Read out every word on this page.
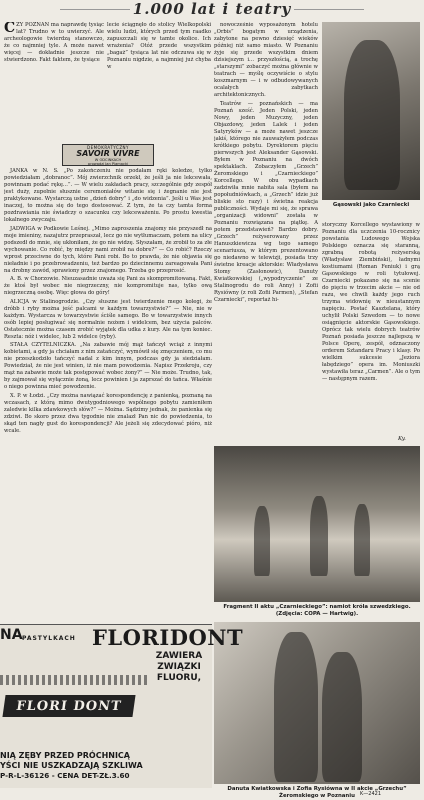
1.000 lat i teatry
C ZY POZNAŃ ma naprawdę tysiąc lat? Trudno w to uwierzyć. Ale archeologowie twierdzą stanowczo, że co najmniej tyle. A może nawet więcej — dokładnie jeszcze nie stwierdzono. Fakt faktem, że tysiące
lecie ściągnęło do stolicy Wielkopolski wielu ludzi, których przed tym raadko zapuszczali się w tamte okolice. Ich wrażenia? Otóż przede wszystkim „bagaż” tysiąca lat nie odczuwa się w Poznaniu nigdzie, a najmniej już chyba w
DEMOKRATYCZNY
SAVOIR VIVRE
W ODCINKACH
prowadzi Jan Plamacki

JANKA w N. S. „Po zakończeniu nie podałam ręki koledze, tylko powiedziałam „dobranoc”. Mój zwierzchnik orzekł, że jeśli ja nie lekcewała, powinnam podać rękę...”. — W wielu zakładach pracy, szczególnie gdy zespół jest duży, zupełnie słusznie ceremoniałów witanie się i żegnanie nie jest praktykowane. Wystarczą ustne „dzień dobry” i „do widzenia”. Jeśli u Was jest inaczej, to można się do tego dostosować. Z tym, że ta czy tamta forma pozdrawiania nie świadczy o szacunku czy lekceważeniu. Po prostu kwestia lokalnego zwyczaju.

JADWIGA w Podkowie Leśnej. „Mimo zaproszenia znajomy nie przyszedł na moje imieniny, nazajutrz przepraszał, lecz go nie wytłumaczam, potem na ulicy podszedł do mnie, się ukłoniłam, że go nie widzę. Słyszałam, że zrobił to za złe wychowanie. Co robić, by między nami zrobił na dobre?” — Co robić? Rzeczy wprost przeciwne do tych, które Pani robi. Bo to prawda, że nie objawia się nieładnie i po przebrowadzeniu, też bardzo po dziecinnemu zareagowała Pani na drobny zawód, sprawiony przez znajomego. Trzeba go przeprosić.

A. B. w Chorzowie. Nieuzasadnie uważa się Pani za skompromitowaną. Fakt, że ktoś był wobec nie niegrzeczny, nie kompromituje nas, tylko ową niegrzeczną osobę. Więc głowa do góry!

ALICJA w Stalinogrodzie. „Czy słuszne jest twierdzenie mego kolegi, że dróbb i ryby można jeść palcami w każdym towarzystwie?” — Nie, nie w każdym. Wystarcza w towarzystwie ściśle samego. Bo w towarzystwie innych osób lepiej posługiwać się normalnie nożem i widelcem, bez użycia palców. Ostatecznie można czasem zrobić wyjątek dla udka z kury. Ale na tym koniec. Reszta: nóż i widelec, lub 2 widelce (ryby).

STAŁA CZYTELNICZKA. „Na zabawie mój mąż tańczył wciąż z innymi kobietami, a gdy ja chciałam z nim zatańczyć, wymówił się zmęczeniem, co mu nie przeszkodziło tańczyć nadal z kim innym, podczas gdy ja siedziałam. Powiedział, że nie jest winien, iż nie mam powodzenia. Napisz Przekroju, czy mąż na zabawie może tak postępować wobec żony?” — Nie może. Trudno, tak, by zajmował się wyłącznie żoną, lecz powinien i ja zaprszać do tańca. Właśnie o niego powinna mieć powodzenie.

X. P. w Łodzi. „Czy można nawiązać korespondencję z panienką, poznaną na wczasach, z którą mimo dwutygodniowego wspólnego pobytu zamieniłem zaledwie kilka zdawkowych słów?” — Można. Sądzimy jednak, że panienka się zdziwi. Bo skoro przez dwa tygodnie nie znalazł Pan nic do powiedzenia, to skąd ten nagły gust do korespondencji? Ale jeżeli się zdecydować pióro, niż wcale.

nowocześnie wyposażonym hotelu „Orbis” bogatym w urządzenia, zabytone na pewno dziesięć wieków później niż samo miasto. W Poznaniu żyje się przede wszystkim dniem dzisiejszym i... przyszłością, a trochę „starszymi” zobaczyć można głównie w teatrach — myślę oczywiście o stylu koszmarnym — i w odbudowywanych ocalałych zabytkach architektonicznych.

Teatrów — poznańskich — ma Poznań sześć. Jeden Polski, jeden Nowy, jeden Muzyczny, jeden Objazdowy, jeden Lalek i jeden Satyryków — a może nawet jeszcze jakiś, którego nie zauważyłem podczas krótkiego pobytu. Dyrektorem pięciu pierwszych jest Aleksander Gąsowski. Byłem w Poznaniu na dwóch spektaklach. Zobaczyłem „Grzech” Żeromskiego i „Czarnieckiego” Korcellego. W obu wypadkach zadziwiła mnie nabita sala (byłem na popołudniówkach, a „Grzech” idzie już bliskie sto razy) i świetna reakcja publiczności. Wydaje mi się, że sprawa „organizacji widowni” została w Poznaniu rozwiązana na piątkę. A potem przedstawień? Bardzo dobry. „Grzech” reżyserowany przez Hanuszkiewicza wg tego samego scenariusza, w którym prezentowano go niedawno w telewizji, posiada trzy świetne kreacje aktorskie: Władysława Stomy (Zasłonowic), Danuty Kwiatkowskiej („wypodryczenie” ze Stalinogrodu do roli Anny) i Zofii Rysiówny (z roli Zofii Parmen), „Stefan Czarniecki”, reportaż hi-

Gąsowski jako Czarniecki
storyczny Korcellego wystawiony w Poznaniu dla uczczenia 10-rocznicy powstania Ludowego Wojska Polskiego oznacza się staranną, zgrabną robotą reżyserską (Władysław Ziembiński), ładnymi kostiumami (Roman Feniuk) i grą Gąsowskiego w roli tytułowej. Czarniecki pokazano się na scenie do pięciu w trzecim akcie — nie od razu, we chwili każdy jego ruch trzyma widownię w nieustannym napięciu. Postać Kasztelana, który uchylił Polski Szwedom — to nowe osiągnięcie aktorskie Gąsowskiego. Oprócz tak wielu dobrych teatrów Poznań posiada jeszcze najlepszą w Polsce Operę, zespół, odznaczony orderem Sztandaru Pracy i klasy. Po wielkim sukcesie „Jeziora łabędziego” opera im. Moniuszki wystawiła teraz „Carmen”. Ale o tym — następnym razem.
Ky.
Fragment II aktu „Czarnieckiego”: namiot króla szwedzkiego. (Zdjęcia: COPA — Hartwig).
Danuta Kwiatkowska i Zofia Rysiówna w II akcie „Grzechu” Żeromskiego w Poznaniu
NA PASTYLKACH FLORIDONT
ZAWIERA ZWIĄZKI FLUORU,
FLORI DONT
NIĄ ZĘBY PRZED PRÓCHNICĄ
YŚCI NIE USZKADZAJĄ SZKLIWA
P-R-L-36126 - CENA DET-ZŁ.3.60
K—2421
